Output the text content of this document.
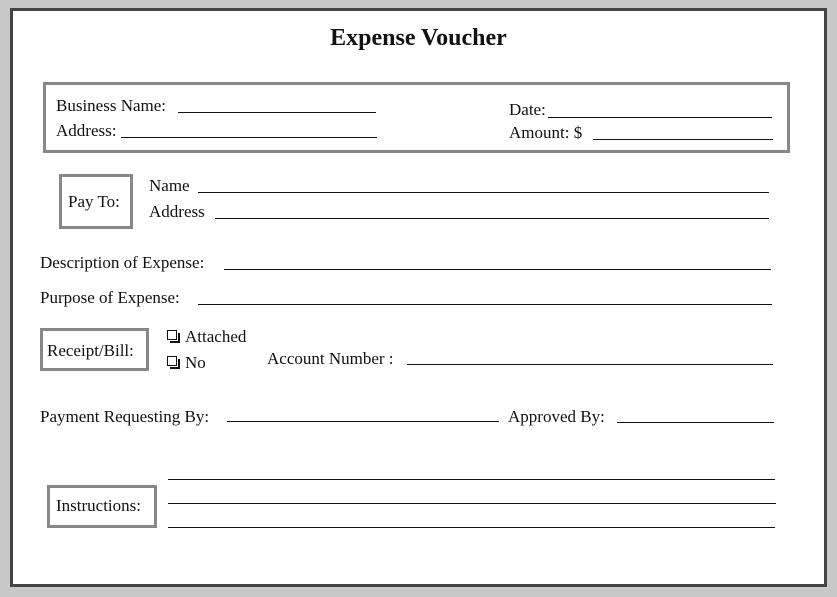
Expense Voucher
Business Name:
Address:
Date:
Amount: $
Pay To:
Name
Address
Description of Expense:
Purpose of Expense:
Receipt/Bill:
Attached
No	Account Number :
Payment Requesting By:	Approved By:
Instructions:
